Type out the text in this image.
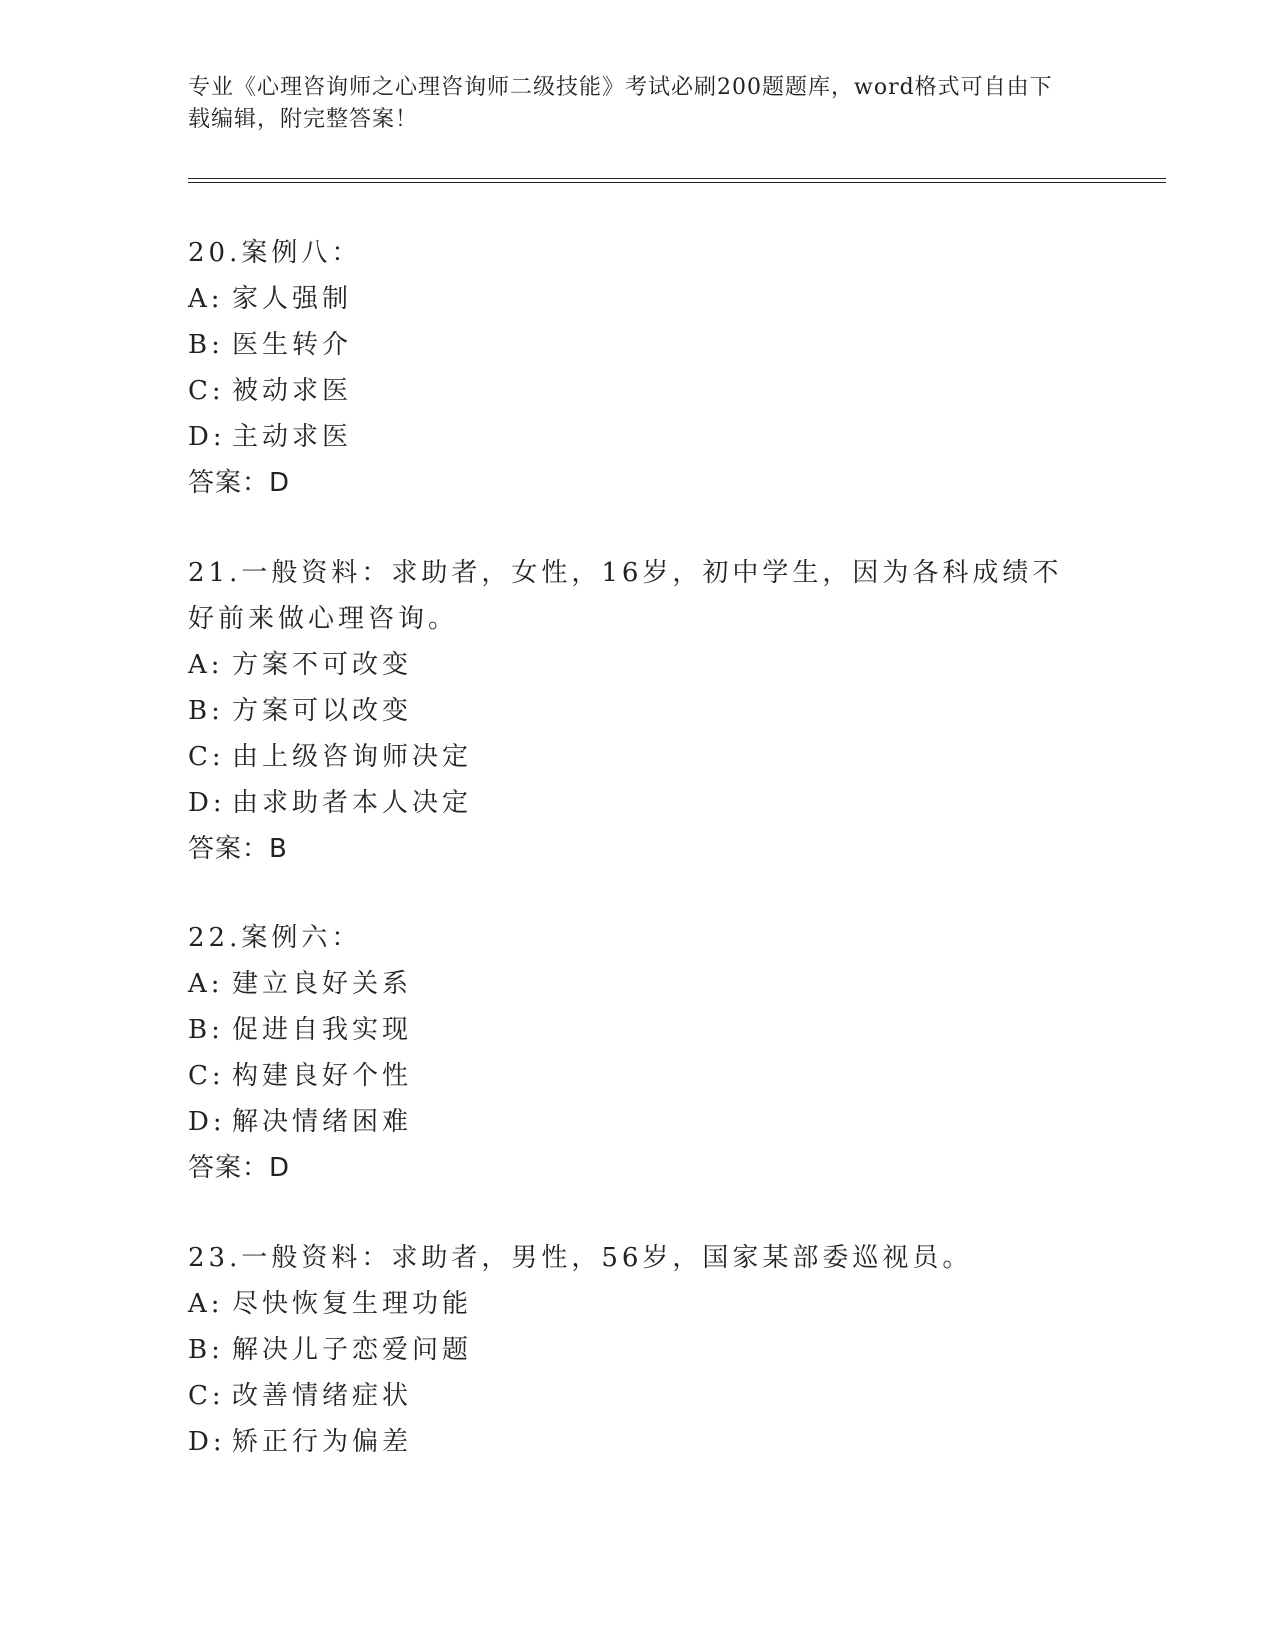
专业《心理咨询师之心理咨询师二级技能》考试必刷200题题库，word格式可自由下载编辑，附完整答案！

20.案例八：
A: 家人强制
B: 医生转介
C: 被动求医
D: 主动求医
答案：D
21.一般资料：求助者，女性，16岁，初中学生，因为各科成绩不好前来做心理咨询。
A: 方案不可改变
B: 方案可以改变
C: 由上级咨询师决定
D: 由求助者本人决定
答案：B
22.案例六：
A: 建立良好关系
B: 促进自我实现
C: 构建良好个性
D: 解决情绪困难
答案：D
23.一般资料：求助者，男性，56岁，国家某部委巡视员。
A: 尽快恢复生理功能
B: 解决儿子恋爱问题
C: 改善情绪症状
D: 矫正行为偏差
